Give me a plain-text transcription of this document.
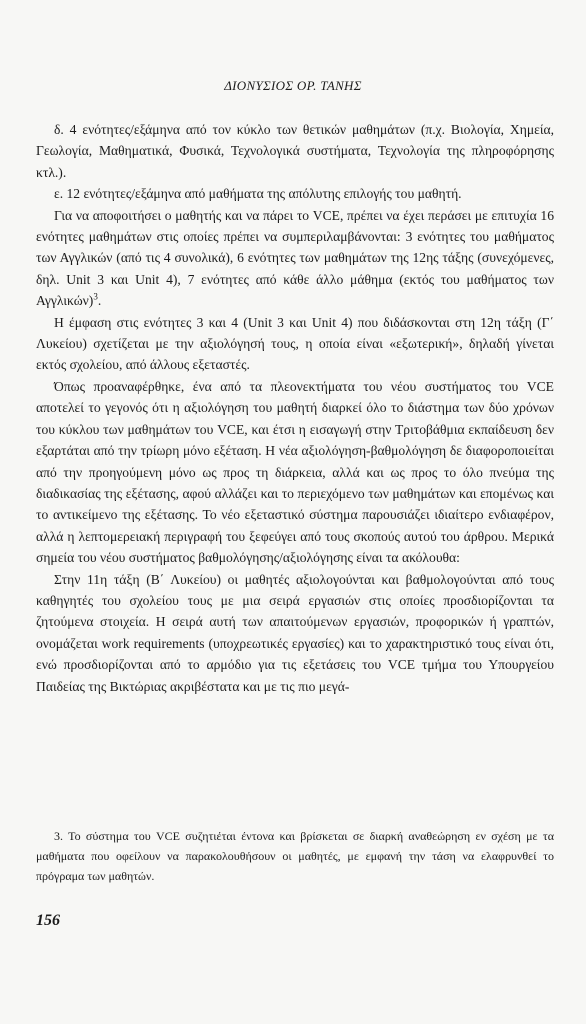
ΔΙΟΝΥΣΙΟΣ ΟΡ. ΤΑΝΗΣ

δ. 4 ενότητες/εξάμηνα από τον κύκλο των θετικών μαθημάτων (π.χ. Βιολογία, Χημεία, Γεωλογία, Μαθηματικά, Φυσικά, Τεχνολογικά συστήματα, Τεχνολογία της πληροφόρησης κτλ.).

ε. 12 ενότητες/εξάμηνα από μαθήματα της απόλυτης επιλογής του μαθητή.

Για να αποφοιτήσει ο μαθητής και να πάρει το VCE, πρέπει να έχει περάσει με επιτυχία 16 ενότητες μαθημάτων στις οποίες πρέπει να συμπεριλαμβάνονται: 3 ενότητες του μαθήματος των Αγγλικών (από τις 4 συνολικά), 6 ενότητες των μαθημάτων της 12ης τάξης (συνεχόμενες, δηλ. Unit 3 και Unit 4), 7 ενότητες από κάθε άλλο μάθημα (εκτός του μαθήματος των Αγγλικών)$^3$.

Η έμφαση στις ενότητες 3 και 4 (Unit 3 και Unit 4) που διδάσκονται στη 12η τάξη (Γ΄ Λυκείου) σχετίζεται με την αξιολόγησή τους, η οποία είναι «εξωτερική», δηλαδή γίνεται εκτός σχολείου, από άλλους εξεταστές.

Όπως προαναφέρθηκε, ένα από τα πλεονεκτήματα του νέου συστήματος του VCE αποτελεί το γεγονός ότι η αξιολόγηση του μαθητή διαρκεί όλο το διάστημα των δύο χρόνων του κύκλου των μαθημάτων του VCE, και έτσι η εισαγωγή στην Τριτοβάθμια εκπαίδευση δεν εξαρτάται από την τρίωρη μόνο εξέταση. Η νέα αξιολόγηση-βαθμολόγηση δε διαφοροποιείται από την προηγούμενη μόνο ως προς τη διάρκεια, αλλά και ως προς το όλο πνεύμα της διαδικασίας της εξέτασης, αφού αλλάζει και το περιεχόμενο των μαθημάτων και επομένως και το αντικείμενο της εξέτασης. Το νέο εξεταστικό σύστημα παρουσιάζει ιδιαίτερο ενδιαφέρον, αλλά η λεπτομερειακή περιγραφή του ξεφεύγει από τους σκοπούς αυτού του άρθρου. Μερικά σημεία του νέου συστήματος βαθμολόγησης/αξιολόγησης είναι τα ακόλουθα:

Στην 11η τάξη (Β΄ Λυκείου) οι μαθητές αξιολογούνται και βαθμολογούνται από τους καθηγητές του σχολείου τους με μια σειρά εργασιών στις οποίες προσδιορίζονται τα ζητούμενα στοιχεία. Η σειρά αυτή των απαιτούμενων εργασιών, προφορικών ή γραπτών, ονομάζεται work requirements (υποχρεωτικές εργασίες) και το χαρακτηριστικό τους είναι ότι, ενώ προσδιορίζονται από το αρμόδιο για τις εξετάσεις του VCE τμήμα του Υπουργείου Παιδείας της Βικτώριας ακριβέστατα και με τις πιο μεγά-

3. Το σύστημα του VCE συζητιέται έντονα και βρίσκεται σε διαρκή αναθεώρηση εν σχέση με τα μαθήματα που οφείλουν να παρακολουθήσουν οι μαθητές, με εμφανή την τάση να ελαφρυνθεί το πρόγραμα των μαθητών.

156
